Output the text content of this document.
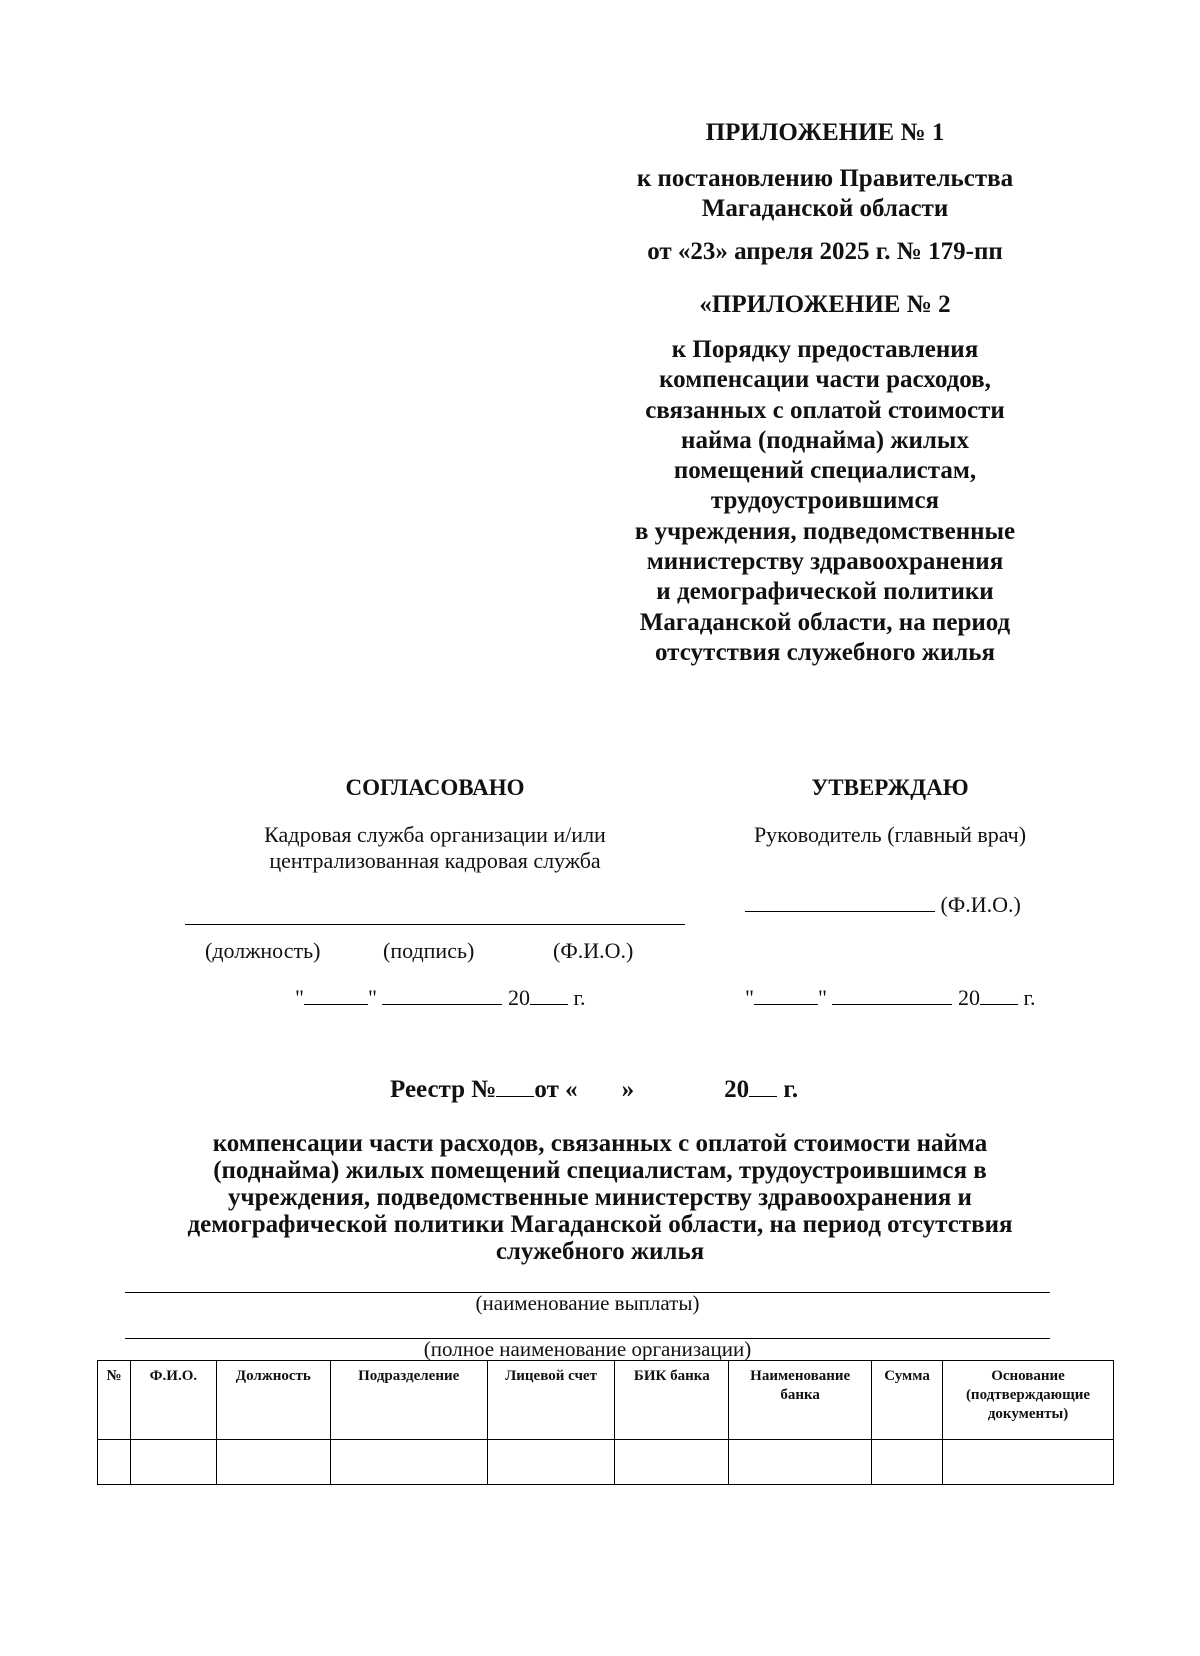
ПРИЛОЖЕНИЕ № 1
к постановлению Правительства
Магаданской области
от «23» апреля 2025 г. № 179-пп
«ПРИЛОЖЕНИЕ № 2
к Порядку предоставления
компенсации части расходов,
связанных с оплатой стоимости
найма (поднайма) жилых
помещений специалистам,
трудоустроившимся
в учреждения, подведомственные
министерству здравоохранения
и демографической политики
Магаданской области, на период
отсутствия служебного жилья
СОГЛАСОВАНО
Кадровая служба организации и/или
централизованная кадровая служба
(должность)	(подпись)	(Ф.И.О.)
"	"	20 г.
УТВЕРЖДАЮ
Руководитель (главный врач)
(Ф.И.О.)
"	"	20 г.
Реестр № от « »	20 г.
компенсации части расходов, связанных с оплатой стоимости найма
(поднайма) жилых помещений специалистам, трудоустроившимся в
учреждения, подведомственные министерству здравоохранения и
демографической политики Магаданской области, на период отсутствия
служебного жилья
(наименование выплаты)
(полное наименование организации)
№	Ф.И.О.	Должность	Подразделение	Лицевой счет	БИК банка	Наименование банка	Сумма	Основание (подтверждающие документы)
